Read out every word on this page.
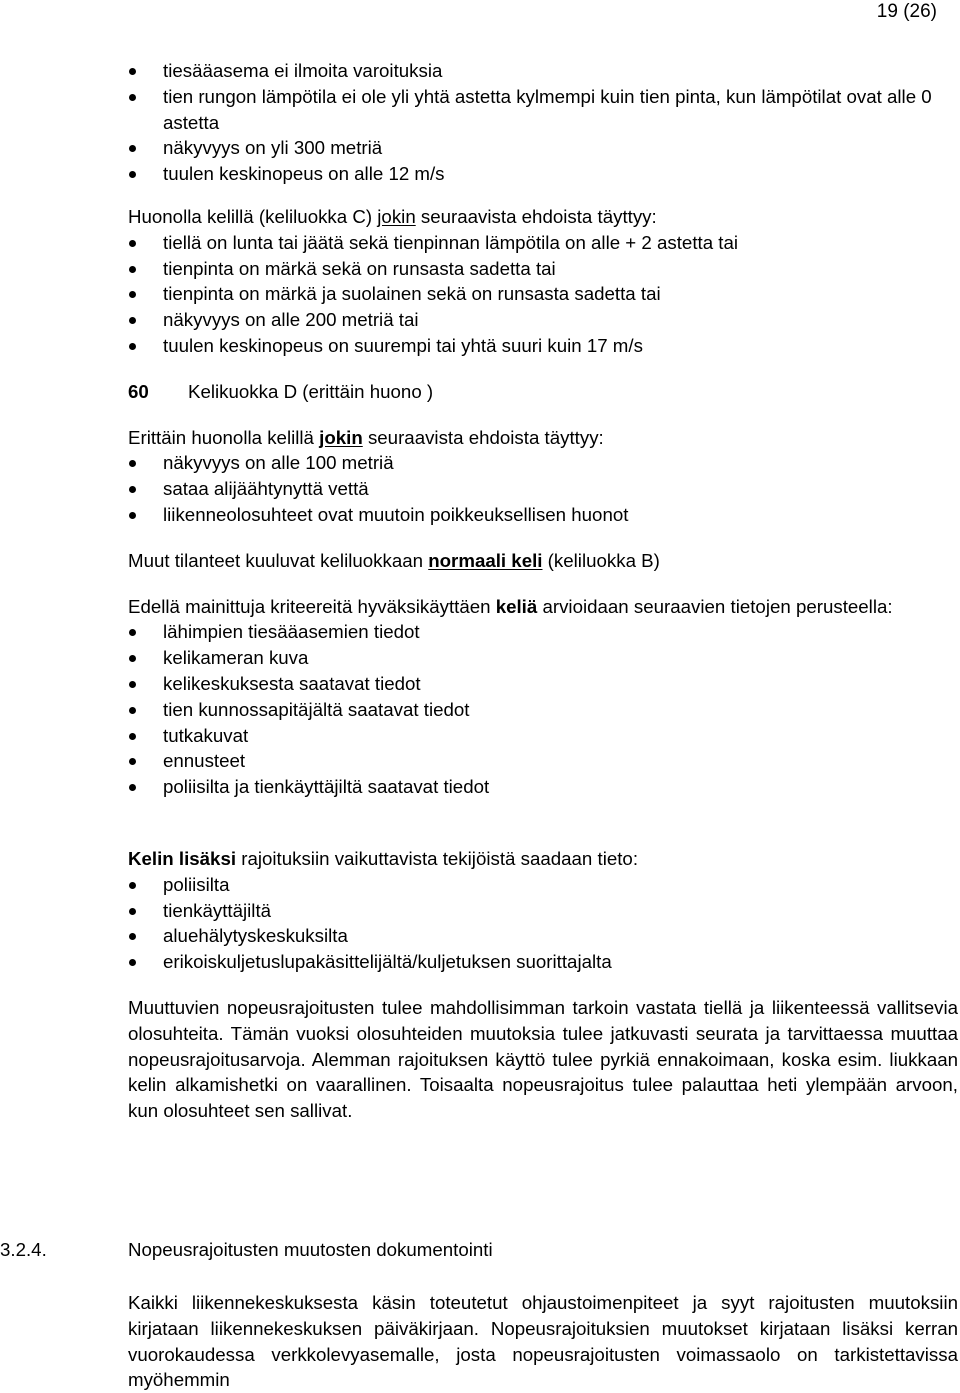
19 (26)
tiesääasema ei ilmoita varoituksia
tien rungon lämpötila ei ole yli yhtä astetta kylmempi kuin tien pinta, kun lämpötilat ovat alle 0 astetta
näkyvyys on yli 300 metriä
tuulen keskinopeus on alle 12 m/s

Huonolla kelillä (keliluokka C) jokin seuraavista ehdoista täyttyy:

tiellä on lunta tai jäätä sekä tienpinnan lämpötila on alle + 2 astetta tai
tienpinta on märkä sekä on runsasta sadetta tai
tienpinta on märkä ja suolainen sekä on runsasta sadetta tai
näkyvyys on alle 200 metriä tai
tuulen keskinopeus on suurempi tai yhtä suuri kuin 17 m/s
60	Kelikuokka D (erittäin huono )

Erittäin huonolla kelillä jokin seuraavista ehdoista täyttyy:

näkyvyys on alle 100 metriä
sataa alijäähtynyttä vettä
liikenneolosuhteet ovat muutoin poikkeuksellisen huonot

Muut tilanteet kuuluvat keliluokkaan normaali keli (keliluokka B)

Edellä mainittuja kriteereitä hyväksikäyttäen keliä arvioidaan seuraavien tietojen perusteella:

lähimpien tiesääasemien tiedot
kelikameran kuva
kelikeskuksesta saatavat tiedot
tien kunnossapitäjältä saatavat tiedot
tutkakuvat
ennusteet
poliisilta ja tienkäyttäjiltä saatavat tiedot

Kelin lisäksi rajoituksiin vaikuttavista tekijöistä saadaan tieto:

poliisilta
tienkäyttäjiltä
aluehälytyskeskuksilta
erikoiskuljetuslupakäsittelijältä/kuljetuksen suorittajalta

Muuttuvien nopeusrajoitusten tulee mahdollisimman tarkoin vastata tiellä ja liikenteessä vallitsevia olosuhteita. Tämän vuoksi olosuhteiden muutoksia tulee jatkuvasti seurata ja tarvittaessa muuttaa nopeusrajoitusarvoja. Alemman rajoituksen käyttö tulee pyrkiä ennakoimaan, koska esim. liukkaan kelin alkamishetki on vaarallinen. Toisaalta nopeusrajoitus tulee palauttaa heti ylempään arvoon, kun olosuhteet sen sallivat.

3.2.4.	Nopeusrajoitusten muutosten dokumentointi

Kaikki liikennekeskuksesta käsin toteutetut ohjaustoimenpiteet ja syyt rajoitusten muutoksiin kirjataan liikennekeskuksen päiväkirjaan. Nopeusrajoituksien muutokset kirjataan lisäksi kerran vuorokaudessa verkkolevyasemalle, josta nopeusrajoitusten voimassaolo on tarkistettavissa myöhemmin
